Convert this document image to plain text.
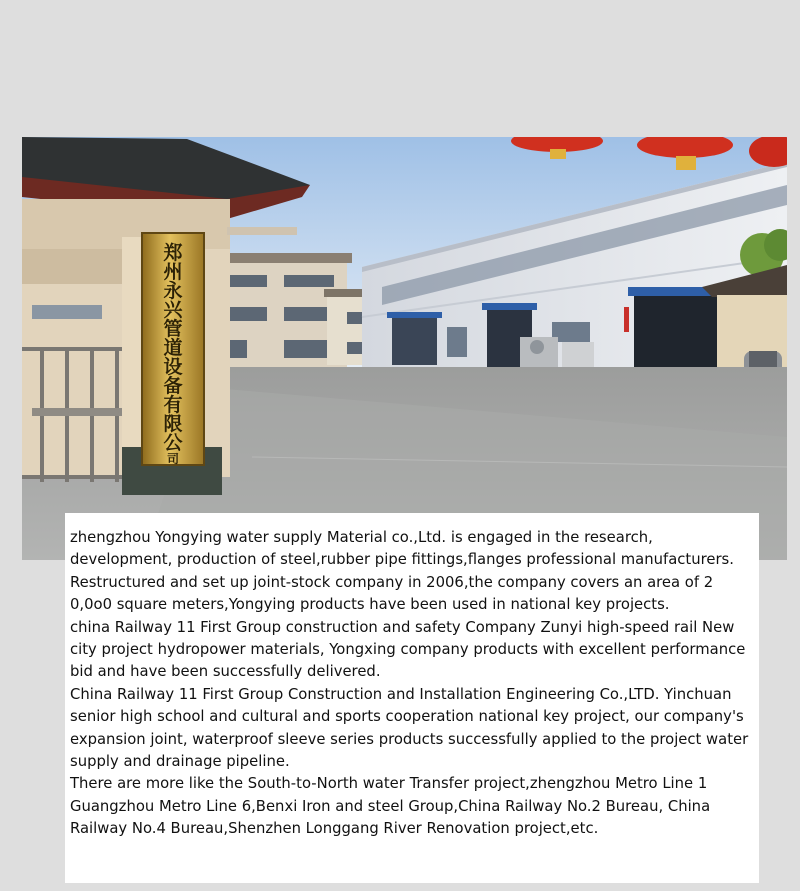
郑
州
永
兴
管
道
设
备
有
限
公
司

zhengzhou Yongying water supply Material co.,Ltd. is engaged in the research, development, production of steel,rubber pipe fittings,flanges professional manufacturers.

Restructured and set up joint-stock company in 2006,the company covers an area of 2 0,0o0 square meters,Yongying products have been used in national key projects.

china Railway 11 First Group construction and safety Company Zunyi high-speed rail New city project hydropower materials, Yongxing company products with excellent performance bid and have been successfully delivered.

China Railway 11 First Group Construction and Installation Engineering Co.,LTD. Yinchuan senior high school and cultural and sports cooperation national key project, our company's expansion joint, waterproof sleeve series products successfully applied to the project water supply and drainage pipeline.

There are more like the South-to-North water Transfer project,zhengzhou Metro Line 1 Guangzhou Metro Line 6,Benxi Iron and steel Group,China Railway No.2 Bureau, China Railway No.4 Bureau,Shenzhen Longgang River Renovation project,etc.
